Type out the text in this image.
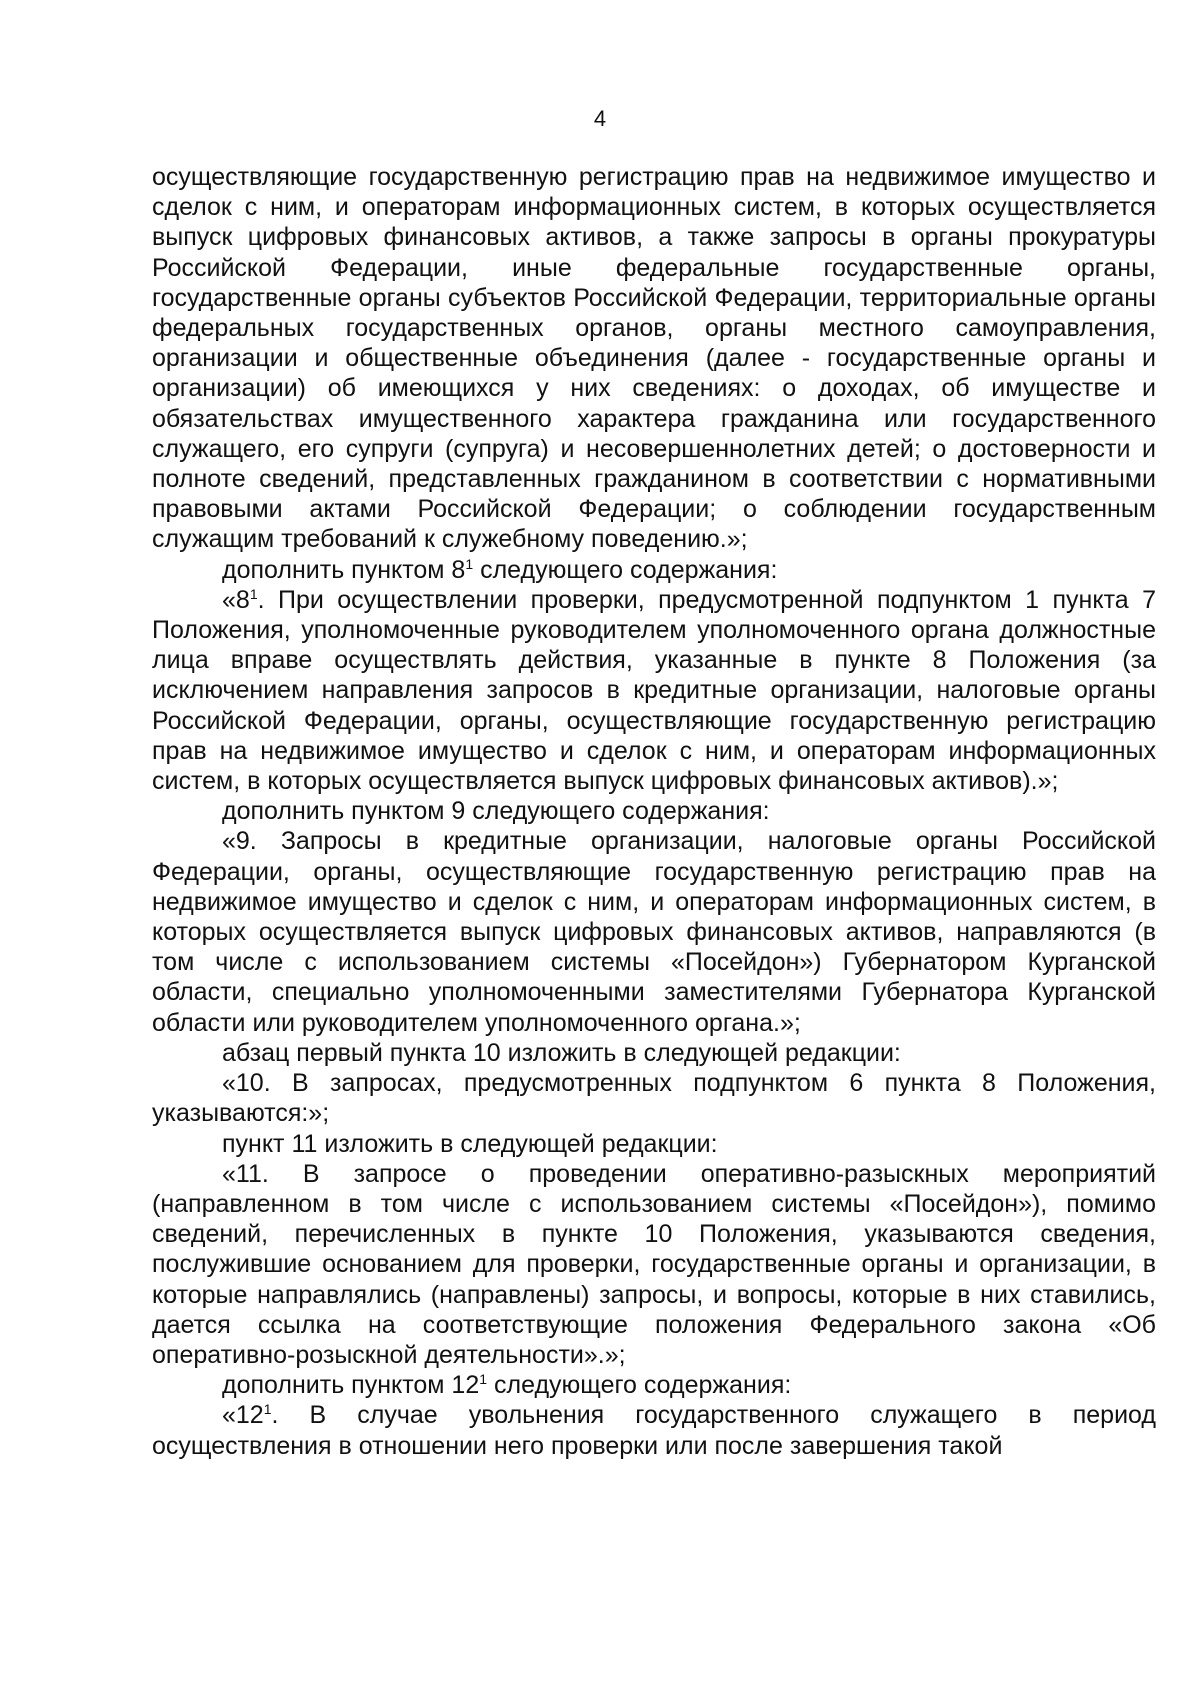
4

осуществляющие государственную регистрацию прав на недвижимое имущество и сделок с ним, и операторам информационных систем, в которых осуществляется выпуск цифровых финансовых активов, а также запросы в органы прокуратуры Российской Федерации, иные федеральные государственные органы, государственные органы субъектов Российской Федерации, территориальные органы федеральных государственных органов, органы местного самоуправления, организации и общественные объединения (далее - государственные органы и организации) об имеющихся у них сведениях: о доходах, об имуществе и обязательствах имущественного характера гражданина или государственного служащего, его супруги (супруга) и несовершеннолетних детей; о достоверности и полноте сведений, представленных гражданином в соответствии с нормативными правовыми актами Российской Федерации; о соблюдении государственным служащим требований к служебному поведению.»;

дополнить пунктом $8^1$ следующего содержания:

«$8^1$. При осуществлении проверки, предусмотренной подпунктом 1 пункта 7 Положения, уполномоченные руководителем уполномоченного органа должностные лица вправе осуществлять действия, указанные в пункте 8 Положения (за исключением направления запросов в кредитные организации, налоговые органы Российской Федерации, органы, осуществляющие государственную регистрацию прав на недвижимое имущество и сделок с ним, и операторам информационных систем, в которых осуществляется выпуск цифровых финансовых активов).»;

дополнить пунктом 9 следующего содержания:

«9. Запросы в кредитные организации, налоговые органы Российской Федерации, органы, осуществляющие государственную регистрацию прав на недвижимое имущество и сделок с ним, и операторам информационных систем, в которых осуществляется выпуск цифровых финансовых активов, направляются (в том числе с использованием системы «Посейдон») Губернатором Курганской области, специально уполномоченными заместителями Губернатора Курганской области или руководителем уполномоченного органа.»;

абзац первый пункта 10 изложить в следующей редакции:

«10. В запросах, предусмотренных подпунктом 6 пункта 8 Положения, указываются:»;

пункт 11 изложить в следующей редакции:

«11. В запросе о проведении оперативно-разыскных мероприятий (направленном в том числе с использованием системы «Посейдон»), помимо сведений, перечисленных в пункте 10 Положения, указываются сведения, послужившие основанием для проверки, государственные органы и организации, в которые направлялись (направлены) запросы, и вопросы, которые в них ставились, дается ссылка на соответствующие положения Федерального закона «Об оперативно-розыскной деятельности».»;

дополнить пунктом $12^1$ следующего содержания:

«$12^1$. В случае увольнения государственного служащего в период осуществления в отношении него проверки или после завершения такой
